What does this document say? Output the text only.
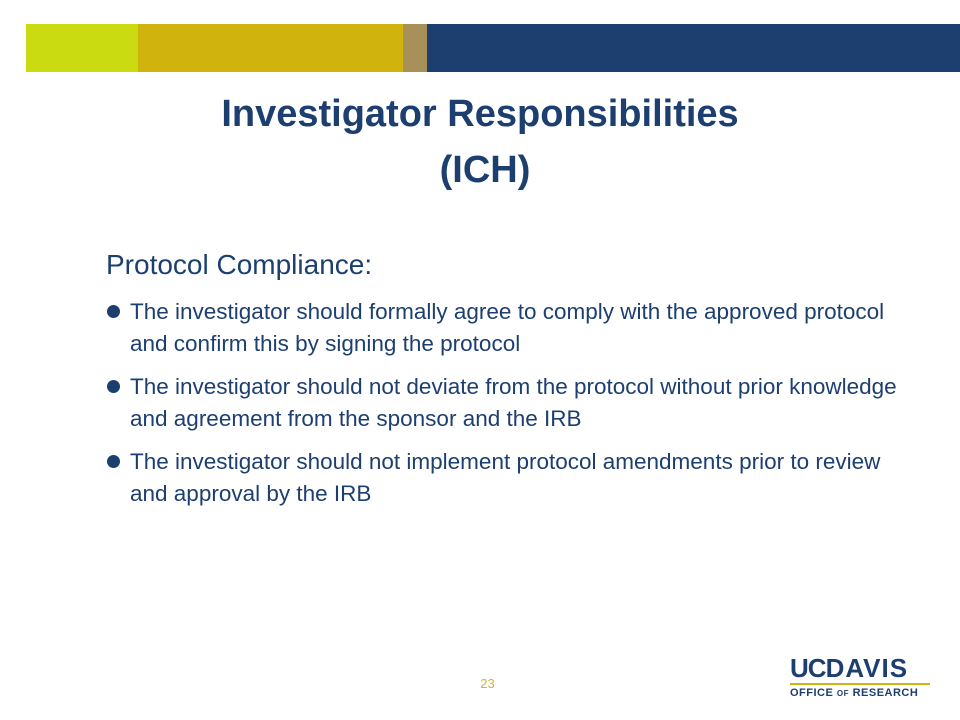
Investigator Responsibilities
(ICH)

Protocol Compliance:

The investigator should formally agree to comply with the approved protocol and confirm this by signing the protocol
The investigator should not deviate from the protocol without prior knowledge and agreement from the sponsor and the IRB
The investigator should not implement protocol amendments prior to review and approval by the IRB
23
UC DAVIS
OFFICE OF RESEARCH
